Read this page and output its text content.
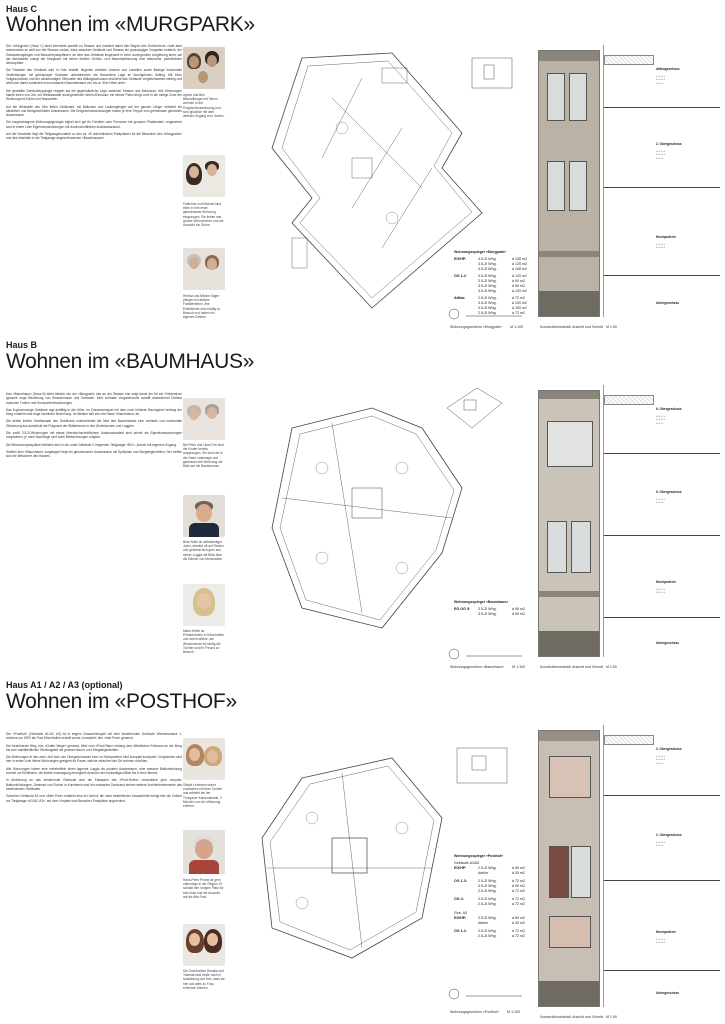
Haus C
Wohnen im «MURGPARK»

Der «Murgpark» (Haus C) steht einerseits parallel zu Strasse und markiert damit den Beginn des Dorfzentrum, rückt aber andererseits so weit von der Strasse zurück, dass zwischen Gebäude und Strasse ein grosszügiger Vorgarten entsteht, der Gebäudezugängen und Besucherparkplätzen, an dem das Gebäude insgesamt in einer durchgrünten Umgebung steht; auf der Abendseite orangt der Murgbach mit seiner dichten Gehölz- und Baumbepflanzung eine naturnahe, parkähnliche Atmosphäre.

Die Fassade des Gebäuds wird in Holz erstellt; tiegende vertikale Lisenen und Lamellen sowie flächige horizontale Verkleidungen mit grünsprayer Holzlasur unterstreichen die Besondere Lage im durchgrünten Setting. Mit ihren Vollgeschossen und der zackenartigen Silhouette des Attikageschosses erscheint das Gebäude vergleichsweise niedrig und wirkt sich damit zusätzlich vom markanten Baumbestand von bis zu 30m Höhe unter.

Die gewählte Gebäudetypologie reagiert auf die gegensätzliche Lage zwischen Strasse und Bachraum: Alle Wohnungen haben einen von Ost- zur Westfassade durchgehenden Wohn-/Essraum; ein kleiner Patio bringt Licht in die mittige Zone der Wohnung mit Küche und Nasszellen.

Auf der Westseite des 16m tiefen Gebäudes, mit Balkonen und Laubengängen auf der ganzen Länge, entsteht ein attraktiver und lärmgeschützter Aussenraum. Die Erdgeschosswohnungen haben je eine Treppe zum gemeinsam genutzten Aussenraum.

Die vorgeschlagene Wohnungstypologie eignet sich gut für Familien oder Personen mit grossem Platzbedarf; vorgesehen sind in erster Linie Eigentumswohnungen mit durchschnittlichen Ausbaustandard.

Auf der Nordseite liegt die Tiefgaragenzufahrt zu den ca. 40 unterirdischen Parkplätzen für die Bewohner des «Murgparks» und des ebenfalls in die Tiefgarage angeschlossenen «Baumhauses».

Agnes und Ben Bischofberger mit Simon wohnen in der Erdgeschosswohnung und sind glücklich mit dem direkten Zugang zum Garten.
Fabienne und Michael sind eben in ihre erste gemeinsame Wohnung eingezogen. Sie lieben das grosse Wohnzimmer und die Aussicht ins Grüne.
Helmut und Miriam Sager pflegen ein aktives Familienleben, ihre Enkelkinder sind häufig zu Besuch und haben ein eigenes Zimmer.
Wohnungsspiegel «Murgpark»
EG/HP:	4.5-Zi Whg.	à 108 m2
3.5-Zi Whg.	à 120 m2
4.5-Zi Whg.	à 108 m2
OG 1-2:	3.5-Zi Whg.	à 120 m2
3.5-Zi Whg.	à 90 m2
3.5-Zi Whg.	à 90 m2
3.5-Zi Whg.	à 120 m2
Attika:	2.5-Zi Whg.	à 72 m2
3.5-Zi Whg.	à 100 m2
3.5-Zi Whg.	à 100 m2
2.5-Zi Whg.	à 72 m2
Wohnungsgrundriss «Murgpark» M 1:100
Attikageschoss
▪ ▪ ▪ ▪ ▪ ▪
▪ ▪ ▪ ▪ ▪ ▪
▪ ▪ ▪ ▪ ▪
2. Obergeschoss
▪ ▪ ▪ ▪ ▪ ▪
▪ ▪ ▪ ▪ ▪ ▪
▪ ▪ ▪ ▪ ▪
Hochparterre
▪ ▪ ▪ ▪ ▪ ▪
▪ ▪ ▪ ▪ ▪ ▪
Untergeschoss
Konstruktionsdetail: Ansicht und Schnitt M 1:50
Haus B
Wohnen im «BAUMHAUS»

Das «Baumhaus» (Haus B) steht ähnlich wie der «Murgpark» klar an der Strasse und zeigt damit der für ein Ortszentrum typische enge Beziehung von Strassenraum und Gebäude. Eine schmale Vorgartenzone schafft ausreichend Distanz zwischen Trottoir und Hochparterrewohnungen.

Das 6-geschossige Gebäude ragt auffällig in die Höhe, im Zusammenspiel mit dem noch höheren Baumgürtel entlang der Murg entsteht eine enge räumliche Beziehung. Im Westen teilt sich die Name «Baumhaus» ab.

Die tiefste leichte Holzfassade des Gebäudes unterscheidet die Idee des Baumhauses eine vertikale und horizontale Gliederung aus ausdrückt die Prägnanz der Blätterkrone in den Wohnräumen und Loggien.

Die zwölf 3.5-Zi-Wohnungen mit etwas überdurchschnittlichem Ausbaustandard sind primär als Eigentumswohnungen vorgesehen, je nach Nachfrage sind auch Mietwohnungen möglich.

Die Bewohnerparkplätze befinden sich in der unter Gebäude C liegenden Tiefgarage «B/C», jedoch mit eigenem Zugang.

Südlich dem «Baumhaus» vorgelagert liegt ein gemeinsamer Aussenraum mit Spielplatz und Sitzgelegenheiten, hier treffen sich die Bewohner des Hauses.

Bei Peter und Lilian Frei sind die Kinder bereits ausgezogen. Sie sind viel in der Natur unterwegs und geniessen die Wohnung mit Blick auf die Baumkronen.
Beat Suter ist selbständiger Jurist, arbeitet oft auf Reisen und geniesst sich gern aus seiner Loggia mit Blick über die Dächer von Münchwilen.
Maria Heller ist Primarlehrerin in Münchwilen und wohnt alleine, am Wochenende ist häufig die Tochter und ihr Freund zu Besuch.
Wohnungsspiegel «Baumhaus»
EG-OG 5:	3.5-Zi Whg.	à 96 m2
3.5-Zi Whg.	à 99 m2
Wohnungsgrundriss «Baumhaus» M 1:100
6. Obergeschoss
▪ ▪ ▪ ▪ ▪ ▪
▪ ▪ ▪ ▪ ▪ ▪
▪ ▪ ▪ ▪ ▪
5. Obergeschoss
▪ ▪ ▪ ▪ ▪ ▪
▪ ▪ ▪ ▪ ▪
Hochparterre
▪ ▪ ▪ ▪ ▪ ▪
▪ ▪ ▪ ▪ ▪ ▪
Untergeschoss
Konstruktionsdetail: Ansicht und Schnitt M 1:50
Haus A1 / A2 / A3 (optional)
Wohnen im «POSTHOF»

Der «Posthof» (Gebäude A1/A2, A3) ist in engem Zusammenspiel mit dem bestehenden Gebäude Wiesenstrasse 1, welches um 1909 als Post Münchwilen erstellt wurde, konzipiert; hier «Alte Post» genannt.

Der bestehende Weg, hier «Gutter Wege» genannt, führt vom «Post-Platz» entlang dem öffentlichen Freiraum an der Murg bis zum habliffentlichen Siedlungsteil mit grossen Baum- und Sitzgelegenheiten.

Die Wohnungen in den zwei, drei bzw. vier Obergeschossen bzw. im Hochparterre sind kompakt konzipiert. Vorgesehen sind hier in erster Linie kleine Wohnungen geeignet für Paare, welche zwischen der Ort wohnen möchten.

Alle Wohnungen haben eine mehrheitlich einen lagende Loggia als privaten Aussenraum, eine massive Balkonbrüstung schützt vor Einblicken, die leichte Auskragung ermöglicht dennoch den rückseitigen Blick bis in den Himmel.

In Anlehnung an das bestehende Gebäude sind die Fassaden des «Post-Hofes» mineralisch grob verputzt. Balkonbrüstungen, Gesimse und Sockel in Kunststein sind ein markanter Dachrand stehen weitere Architekturelemente des bestehenden Gebäudes.

Zwischen Gebäude A2 und «Alter Post» entsteht eine Art Vorhof; die neue bestehender Ansatzdübbt erfolgt hier die Zufahrt zur Tiefgarage «A1/A2, A3», auf dem Vorplatz sind Besucher-Parkplätze angeordnet.

Sibylle Lehmann wohnt zusammen mit ihrer Tochter und arbeitet bei der Thurgauer Kantonalbank, 3 Minuten von der Wohnung entfernt.
Hans-Peter Probst ist gern unterwegs in der Region. Er schätzt den ruhigen Platz für sein Auto und die Aussicht auf die Alte Post.
Die Geschwister Rosalia und Yolanda sind beide noch in Ausbildung und froh, dass sie hier aus alles zu Fuss erreichen können.
Wohnungsspiegel «Posthof»
Gebäude A1/A2
EG/HP:	2.5-Zi Whg.	à 69 m2
Atelier	à 30 m2
OG 1-3:	2.5-Zi Whg.	à 72 m2
3.5-Zi Whg.	à 90 m2
2.5-Zi Whg.	à 72 m2
OG 4:	2.5-Zi Whg.	à 72 m2
2.5-Zi Whg.	à 72 m2
Geb. A3
EG/HP:	2.5-Zi Whg.	à 69 m2
Atelier	à 30 m2
OG 1-2:	2.5-Zi Whg.	à 72 m2
2.5-Zi Whg.	à 72 m2
Wohnungsgrundriss «Posthof» M 1:100
3. Obergeschoss
▪ ▪ ▪ ▪ ▪ ▪
▪ ▪ ▪ ▪ ▪ ▪
▪ ▪ ▪ ▪ ▪
2. Obergeschoss
▪ ▪ ▪ ▪ ▪ ▪
▪ ▪ ▪ ▪ ▪
Hochparterre
▪ ▪ ▪ ▪ ▪ ▪
▪ ▪ ▪ ▪ ▪ ▪
Untergeschoss
Konstruktionsdetail: Ansicht und Schnitt M 1:50
